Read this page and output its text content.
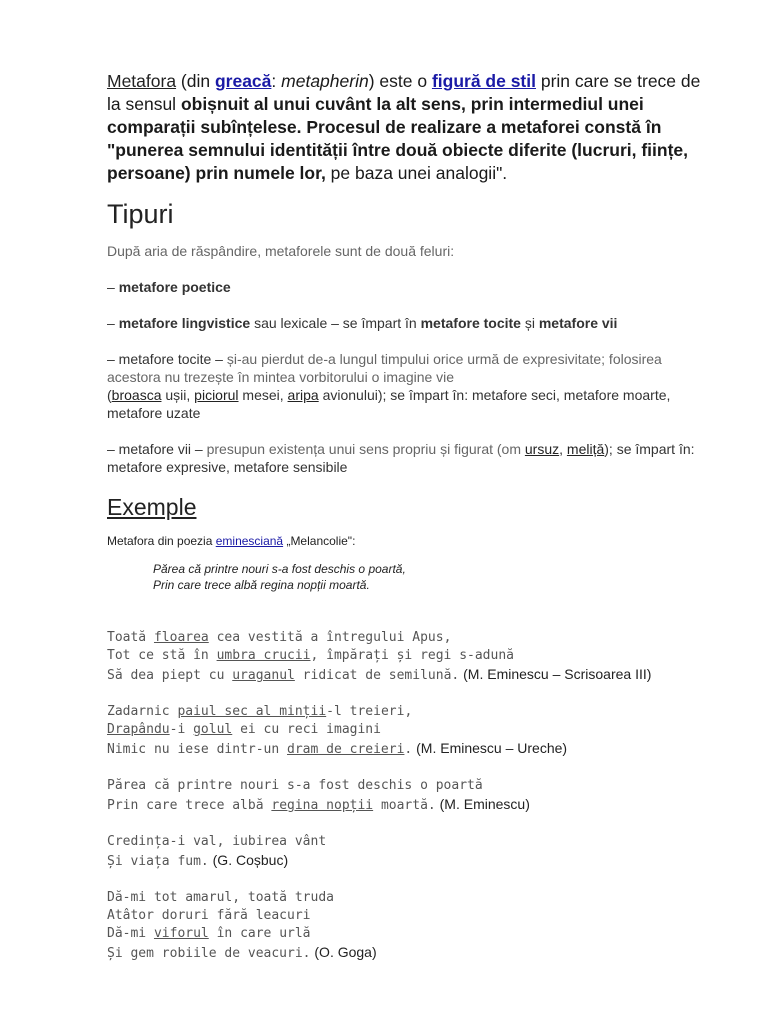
Metafora (din greacă: metapherin) este o figură de stil prin care se trece de la sensul obișnuit al unui cuvânt la alt sens, prin intermediul unei comparații subînțelese. Procesul de realizare a metaforei constă în "punerea semnului identității între două obiecte diferite (lucruri, ființe, persoane) prin numele lor, pe baza unei analogii".

Tipuri

După aria de răspândire, metaforele sunt de două feluri:

– metafore poetice

– metafore lingvistice sau lexicale – se împart în metafore tocite și metafore vii

– metafore tocite – și-au pierdut de-a lungul timpului orice urmă de expresivitate; folosirea acestora nu trezește în mintea vorbitorului o imagine vie
(broasca ușii, piciorul mesei, aripa avionului); se împart în: metafore seci, metafore moarte, metafore uzate

– metafore vii – presupun existența unui sens propriu și figurat (om ursuz, meliță); se împart în: metafore expresive, metafore sensibile

Exemple

Metafora din poezia eminesciană „Melancolie":

Părea că printre nouri s-a fost deschis o poartă,
Prin care trece albă regina nopții moartă.
Toată floarea cea vestită a întregului Apus,
Tot ce stă în umbra crucii, împărați și regi s-adună
Să dea piept cu uraganul ridicat de semilună. (M. Eminescu – Scrisoarea III)
Zadarnic paiul sec al minții-l treieri,
Drapându-i golul ei cu reci imagini
Nimic nu iese dintr-un dram de creieri. (M. Eminescu – Ureche)
Părea că printre nouri s-a fost deschis o poartă
Prin care trece albă regina nopții moartă. (M. Eminescu)
Credința-i val, iubirea vânt
Și viața fum. (G. Coșbuc)
Dă-mi tot amarul, toată truda
Atâtor doruri fără leacuri
Dă-mi viforul în care urlă
Și gem robiile de veacuri. (O. Goga)
